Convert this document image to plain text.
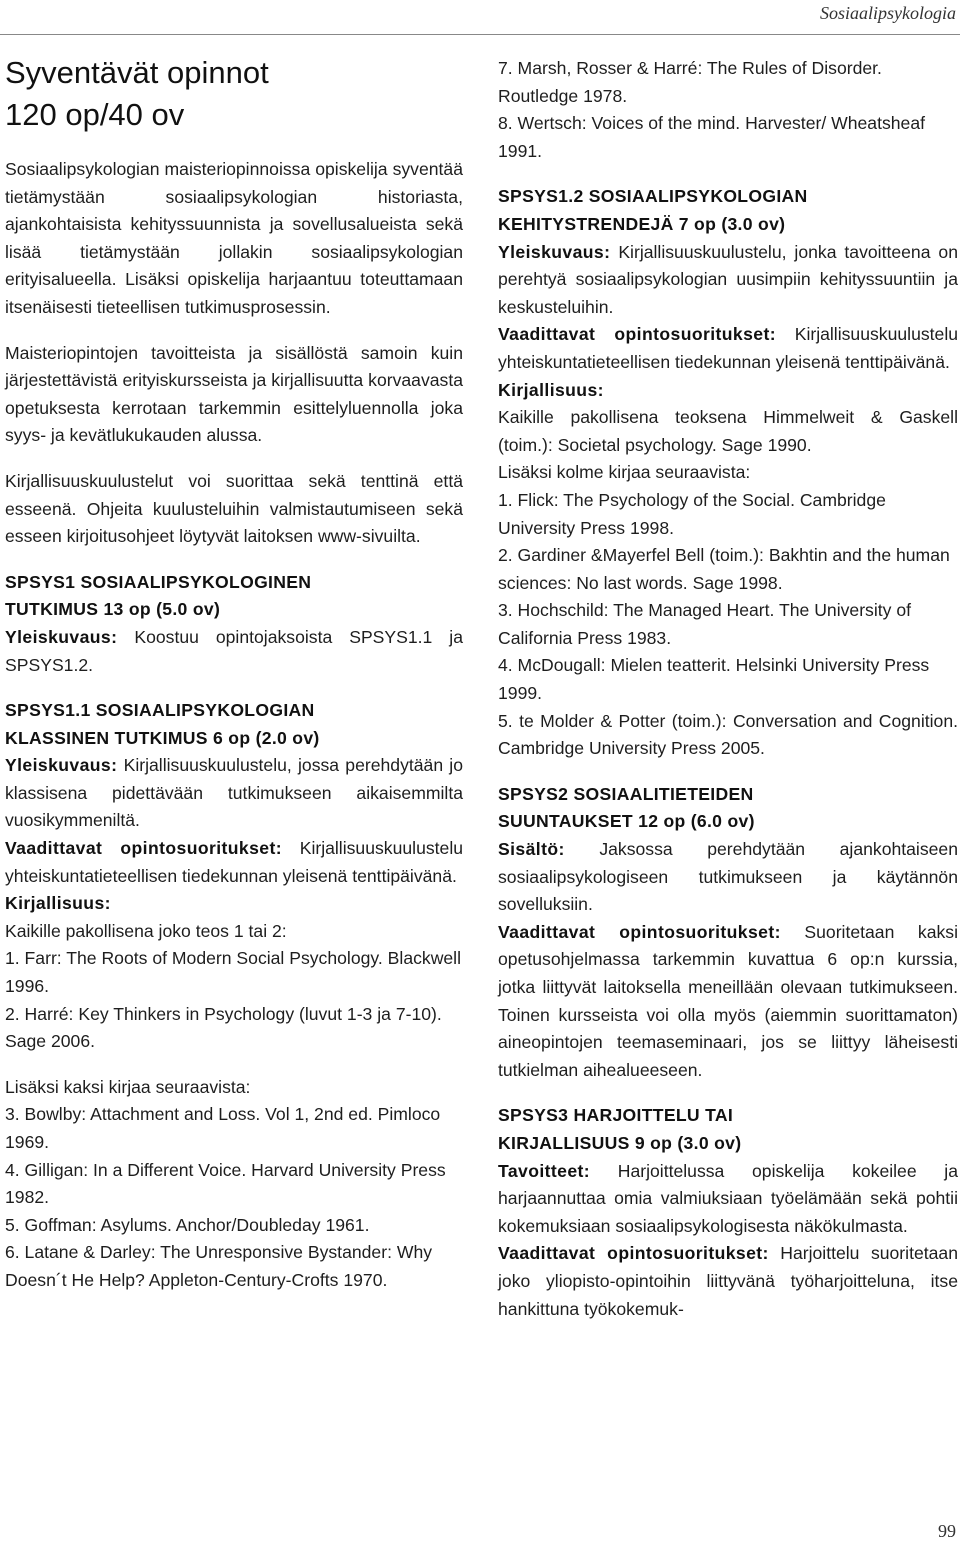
Sosiaalipsykologia
Syventävät opinnot
120 op/40 ov

Sosiaalipsykologian maisteriopinnoissa opiskelija syventää tietämystään sosiaalipsykologian historiasta, ajankohtaisista kehityssuunnista ja sovellusalueista sekä lisää tietämystään jollakin sosiaalipsykologian erityisalueella. Lisäksi opiskelija harjaantuu toteuttamaan itsenäisesti tieteellisen tutkimusprosessin.

Maisteriopintojen tavoitteista ja sisällöstä samoin kuin järjestettävistä erityiskursseista ja kirjallisuutta korvaavasta opetuksesta kerrotaan tarkemmin esittelyluennolla joka syys- ja kevätlukukauden alussa.

Kirjallisuuskuulustelut voi suorittaa sekä tenttinä että esseenä. Ohjeita kuulusteluihin valmistautumiseen sekä esseen kirjoitusohjeet löytyvät laitoksen www-sivuilta.

SPSYS1 SOSIAALIPSYKOLOGINEN
TUTKIMUS 13 op (5.0 ov)

Yleiskuvaus: Koostuu opintojaksoista SPSYS1.1 ja SPSYS1.2.

SPSYS1.1 SOSIAALIPSYKOLOGIAN
KLASSINEN TUTKIMUS 6 op (2.0 ov)

Yleiskuvaus: Kirjallisuuskuulustelu, jossa perehdytään jo klassisena pidettävään tutkimukseen aikaisemmilta vuosikymmeniltä.

Vaadittavat opintosuoritukset: Kirjallisuuskuulustelu yhteiskuntatieteellisen tiedekunnan yleisenä tenttipäivänä.

Kirjallisuus:

Kaikille pakollisena joko teos 1 tai 2:

1. Farr: The Roots of Modern Social Psychology. Blackwell 1996.

2. Harré: Key Thinkers in Psychology (luvut 1-3 ja 7-10). Sage 2006.

Lisäksi kaksi kirjaa seuraavista:

3. Bowlby: Attachment and Loss. Vol 1, 2nd ed. Pimloco 1969.

4. Gilligan: In a Different Voice. Harvard University Press 1982.

5. Goffman: Asylums. Anchor/Doubleday 1961.

6. Latane & Darley: The Unresponsive Bystander: Why Doesn´t He Help? Appleton-Century-Crofts 1970.

7. Marsh, Rosser & Harré: The Rules of Disorder. Routledge 1978.

8. Wertsch: Voices of the mind. Harvester/ Wheatsheaf 1991.

SPSYS1.2 SOSIAALIPSYKOLOGIAN
KEHITYSTRENDEJÄ 7 op (3.0 ov)

Yleiskuvaus: Kirjallisuuskuulustelu, jonka tavoitteena on perehtyä sosiaalipsykologian uusimpiin kehityssuuntiin ja keskusteluihin.

Vaadittavat opintosuoritukset: Kirjallisuuskuulustelu yhteiskuntatieteellisen tiedekunnan yleisenä tenttipäivänä.

Kirjallisuus:

Kaikille pakollisena teoksena Himmelweit & Gaskell (toim.): Societal psychology. Sage 1990.

Lisäksi kolme kirjaa seuraavista:

1. Flick: The Psychology of the Social. Cambridge University Press 1998.

2. Gardiner &Mayerfel Bell (toim.): Bakhtin and the human sciences: No last words. Sage 1998.

3. Hochschild: The Managed Heart. The University of California Press 1983.

4. McDougall: Mielen teatterit. Helsinki University Press 1999.

5. te Molder & Potter (toim.): Conversation and Cognition. Cambridge University Press 2005.

SPSYS2 SOSIAALITIETEIDEN
SUUNTAUKSET 12 op (6.0 ov)

Sisältö: Jaksossa perehdytään ajankohtaiseen sosiaalipsykologiseen tutkimukseen ja käytännön sovelluksiin.

Vaadittavat opintosuoritukset: Suoritetaan kaksi opetusohjelmassa tarkemmin kuvattua 6 op:n kurssia, jotka liittyvät laitoksella meneillään olevaan tutkimukseen. Toinen kursseista voi olla myös (aiemmin suorittamaton) aineopintojen teemaseminaari, jos se liittyy läheisesti tutkielman aihealueeseen.

SPSYS3 HARJOITTELU TAI
KIRJALLISUUS 9 op (3.0 ov)

Tavoitteet: Harjoittelussa opiskelija kokeilee ja harjaannuttaa omia valmiuksiaan työelämään sekä pohtii kokemuksiaan sosiaalipsykologisesta näkökulmasta.

Vaadittavat opintosuoritukset: Harjoittelu suoritetaan joko yliopisto-opintoihin liittyvänä työharjoitteluna, itse hankittuna työkokemuk-

99
